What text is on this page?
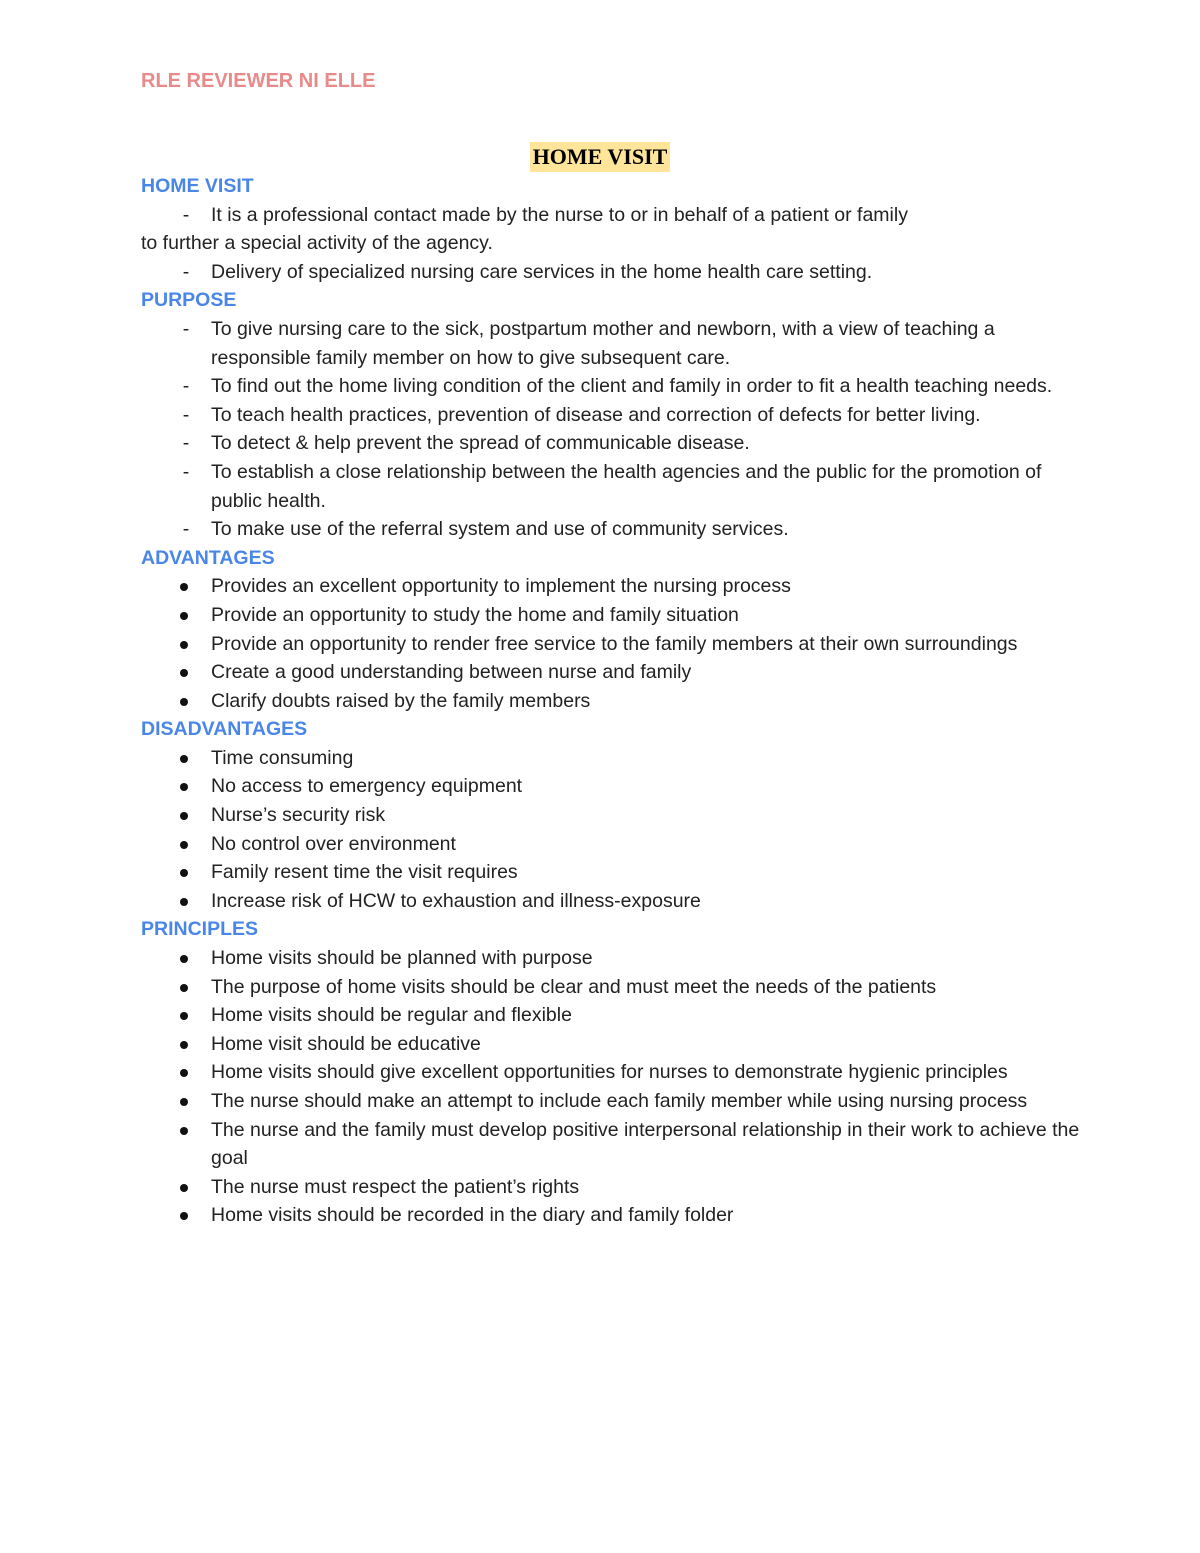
RLE REVIEWER NI ELLE
HOME VISIT

HOME VISIT

-	It is a professional contact made by the nurse to or in behalf of a patient or family

to further a special activity of the agency.

-	Delivery of specialized nursing care services in the home health care setting.

PURPOSE

-	To give nursing care to the sick, postpartum mother and newborn, with a view of teaching a responsible family member on how to give subsequent care.
-	To find out the home living condition of the client and family in order to fit a health teaching needs.
-	To teach health practices, prevention of disease and correction of defects for better living.
-	To detect & help prevent the spread of communicable disease.
-	To establish a close relationship between the health agencies and the public for the promotion of public health.
-	To make use of the referral system and use of community services.

ADVANTAGES

Provides an excellent opportunity to implement the nursing process
Provide an opportunity to study the home and family situation
Provide an opportunity to render free service to the family members at their own surroundings
Create a good understanding between nurse and family
Clarify doubts raised by the family members

DISADVANTAGES

Time consuming
No access to emergency equipment
Nurse’s security risk
No control over environment
Family resent time the visit requires
Increase risk of HCW to exhaustion and illness-exposure

PRINCIPLES

Home visits should be planned with purpose
The purpose of home visits should be clear and must meet the needs of the patients
Home visits should be regular and flexible
Home visit should be educative
Home visits should give excellent opportunities for nurses to demonstrate hygienic principles
The nurse should make an attempt to include each family member while using nursing process
The nurse and the family must develop positive interpersonal relationship in their work to achieve the goal
The nurse must respect the patient’s rights
Home visits should be recorded in the diary and family folder
